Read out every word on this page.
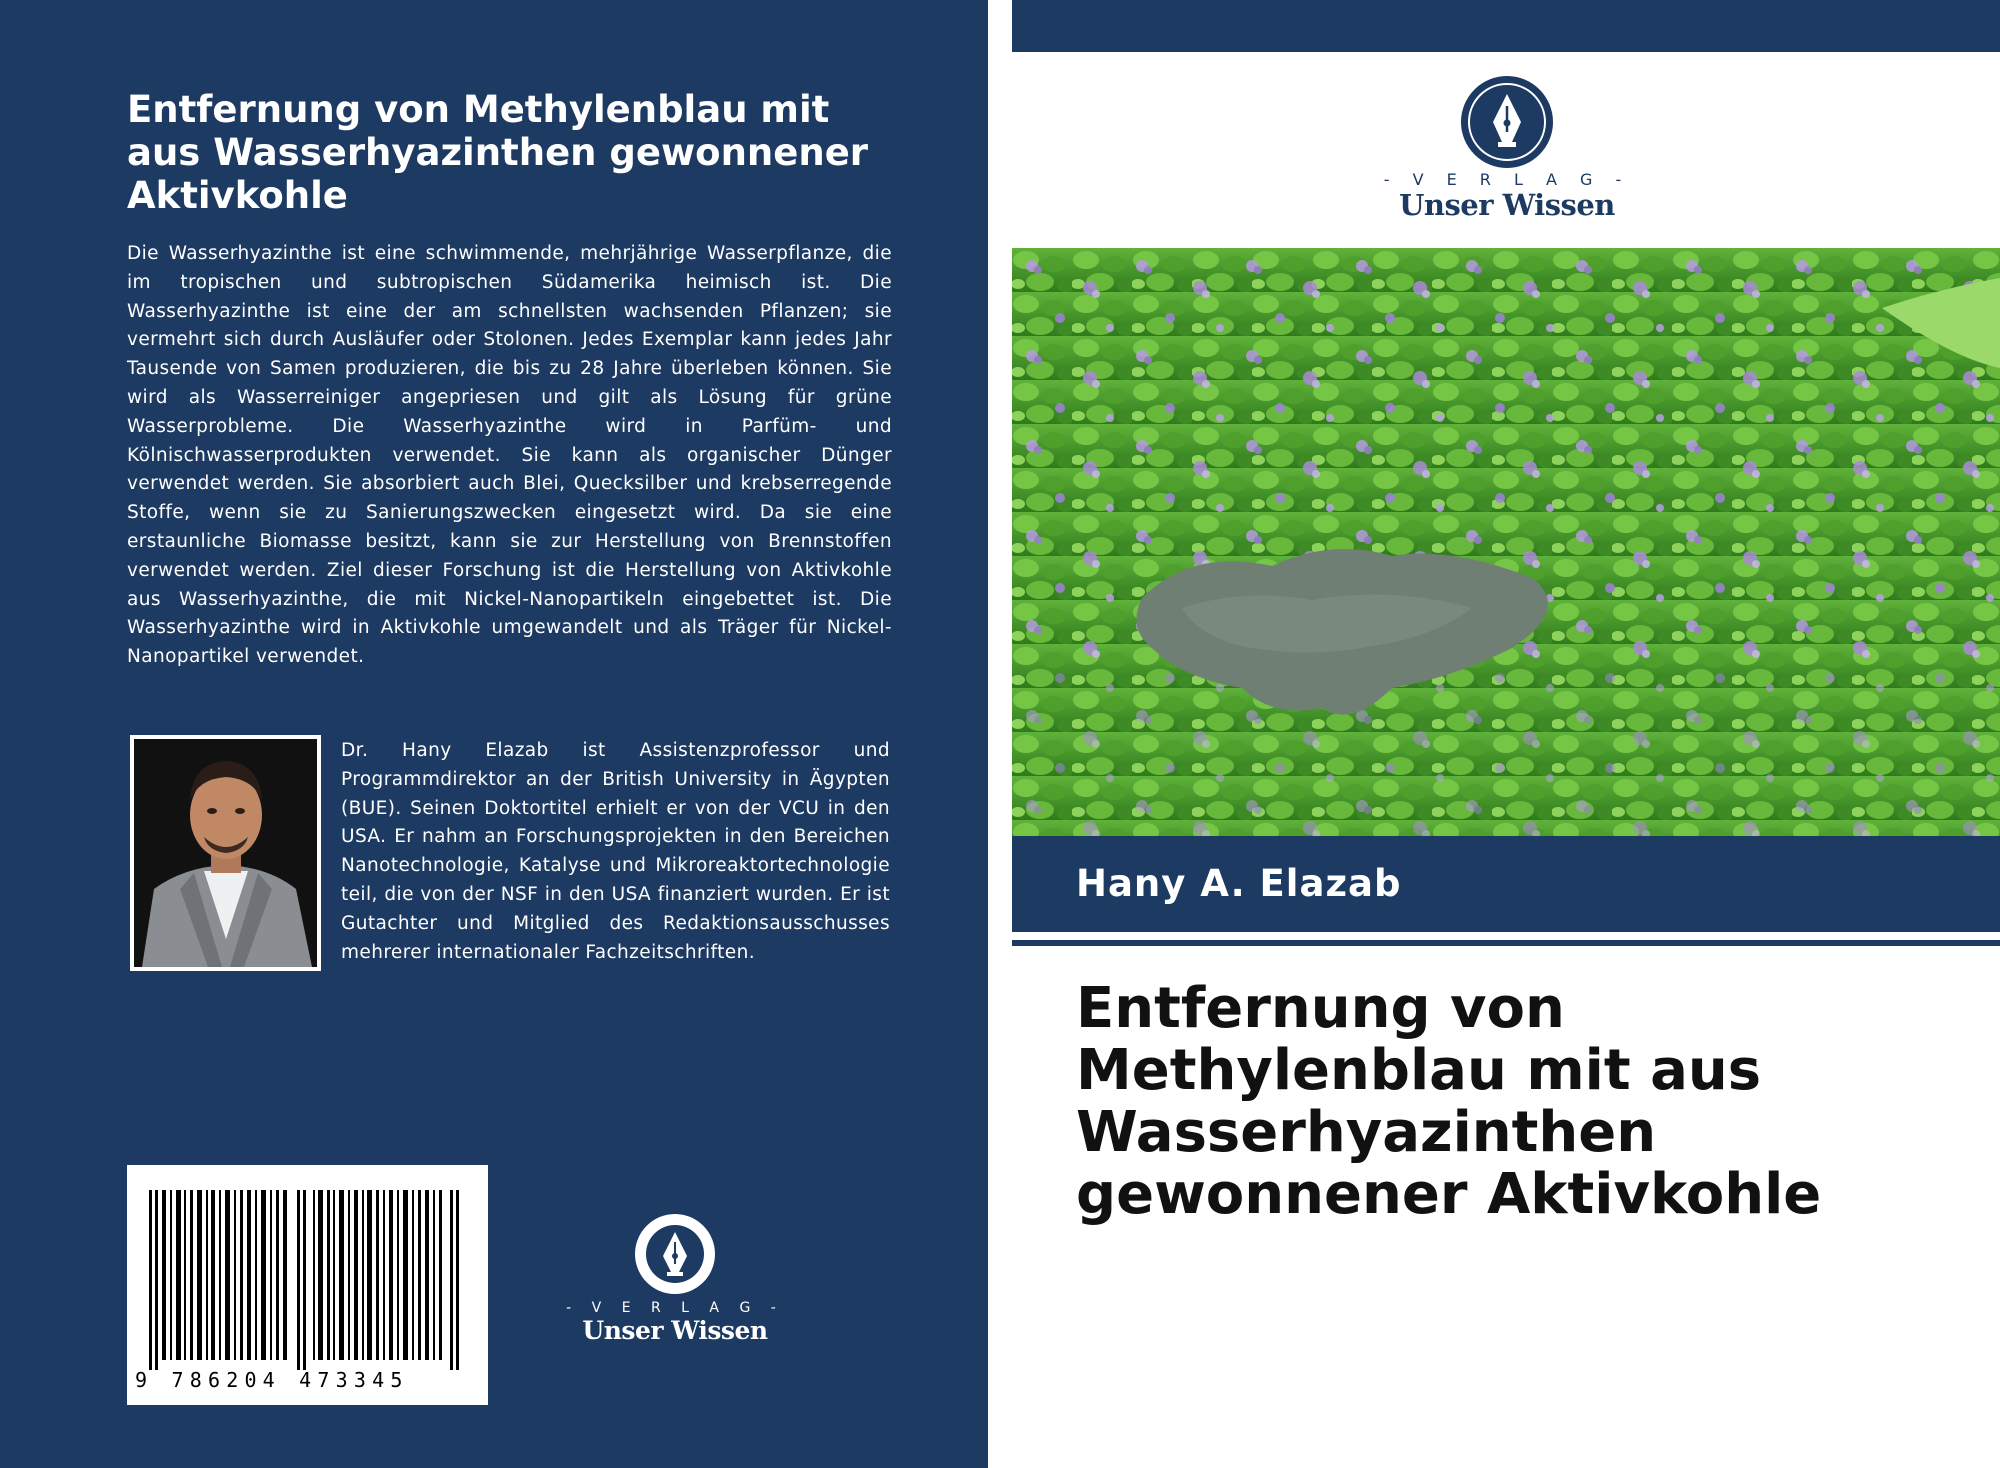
Entfernung von Methylenblau mit aus Wasserhyazinthen gewonnener Aktivkohle

Die Wasserhyazinthe ist eine schwimmende, mehrjährige Wasserpflanze, die im tropischen und subtropischen Südamerika heimisch ist. Die Wasserhyazinthe ist eine der am schnellsten wachsenden Pflanzen; sie vermehrt sich durch Ausläufer oder Stolonen. Jedes Exemplar kann jedes Jahr Tausende von Samen produzieren, die bis zu 28 Jahre überleben können. Sie wird als Wasserreiniger angepriesen und gilt als Lösung für grüne Wasserprobleme. Die Wasserhyazinthe wird in Parfüm- und Kölnischwasserprodukten verwendet. Sie kann als organischer Dünger verwendet werden. Sie absorbiert auch Blei, Quecksilber und krebserregende Stoffe, wenn sie zu Sanierungszwecken eingesetzt wird. Da sie eine erstaunliche Biomasse besitzt, kann sie zur Herstellung von Brennstoffen verwendet werden. Ziel dieser Forschung ist die Herstellung von Aktivkohle aus Wasserhyazinthe, die mit Nickel-Nanopartikeln eingebettet ist. Die Wasserhyazinthe wird in Aktivkohle umgewandelt und als Träger für Nickel-Nanopartikel verwendet.

Dr. Hany Elazab ist Assistenzprofessor und Programmdirektor an der British University in Ägypten (BUE). Seinen Doktortitel erhielt er von der VCU in den USA. Er nahm an Forschungsprojekten in den Bereichen Nanotechnologie, Katalyse und Mikroreaktortechnologie teil, die von der NSF in den USA finanziert wurden. Er ist Gutachter und Mitglied des Redaktionsausschusses mehrerer internationaler Fachzeitschriften.

9 786204 473345
- V E R L A G -
Unser Wissen
- V E R L A G -
Unser Wissen
Hany A. Elazab
Entfernung von Methylenblau mit aus Wasserhyazinthen gewonnener Aktivkohle
